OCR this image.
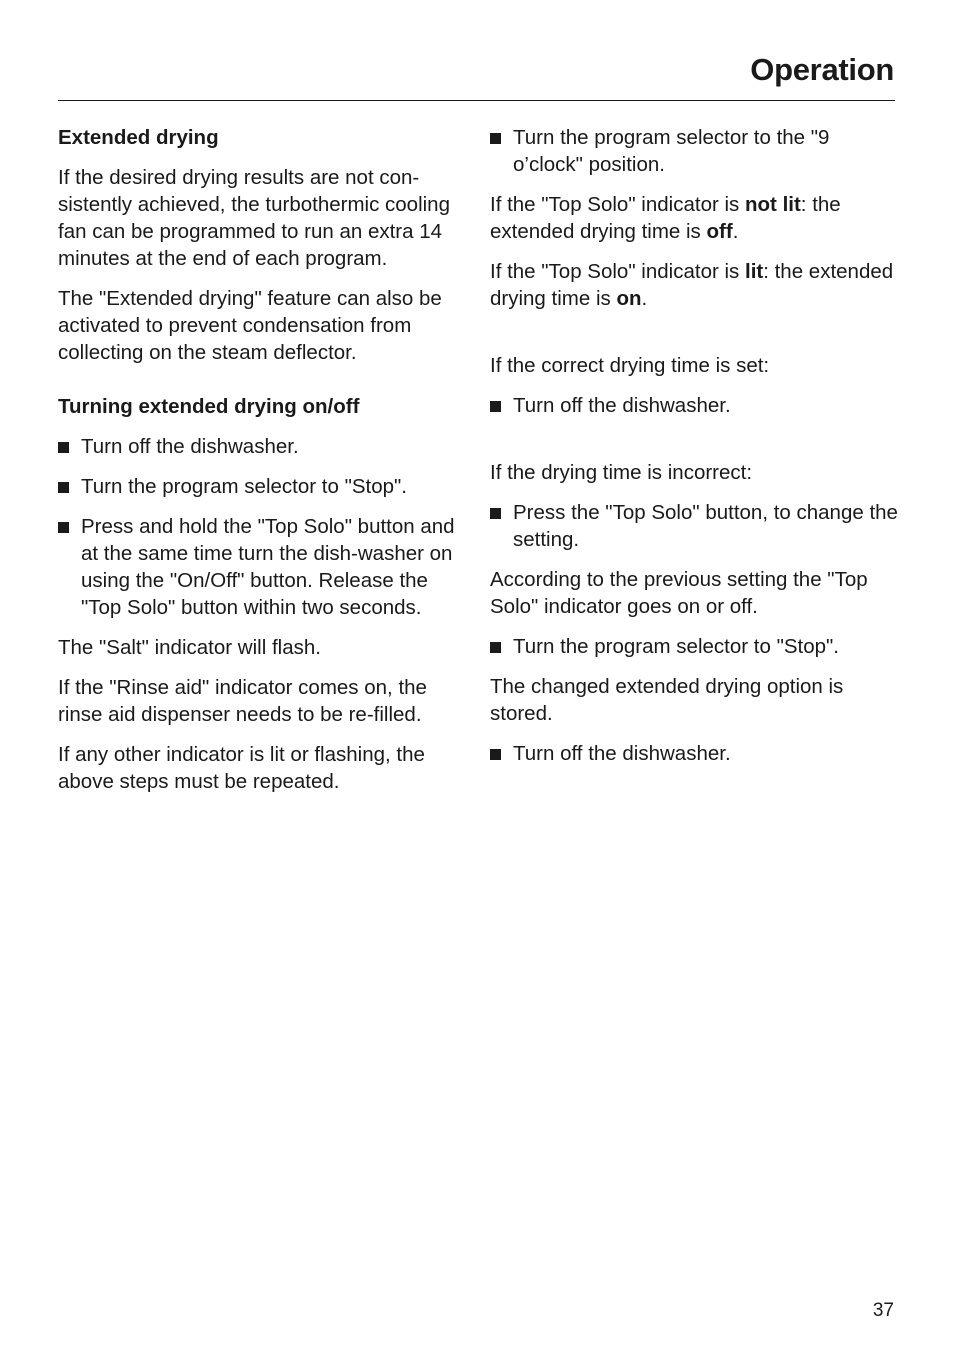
Operation
Extended drying

If the desired drying results are not con-sistently achieved, the turbothermic cooling fan can be programmed to run an extra 14 minutes at the end of each program.

The "Extended drying" feature can also be activated to prevent condensation from collecting on the steam deflector.

Turning extended drying on/off
Turn off the dishwasher.
Turn the program selector to "Stop".
Press and hold the "Top Solo" button and at the same time turn the dish-washer on using the "On/Off" button. Release the "Top Solo" button within two seconds.

The "Salt" indicator will flash.

If the "Rinse aid" indicator comes on, the rinse aid dispenser needs to be re-filled.

If any other indicator is lit or flashing, the above steps must be repeated.

Turn the program selector to the "9 o’clock" position.

If the "Top Solo" indicator is not lit: the extended drying time is off.

If the "Top Solo" indicator is lit: the extended drying time is on.

If the correct drying time is set:

Turn off the dishwasher.

If the drying time is incorrect:

Press the "Top Solo" button, to change the setting.

According to the previous setting the "Top Solo" indicator goes on or off.

Turn the program selector to "Stop".

The changed extended drying option is stored.

Turn off the dishwasher.
37
